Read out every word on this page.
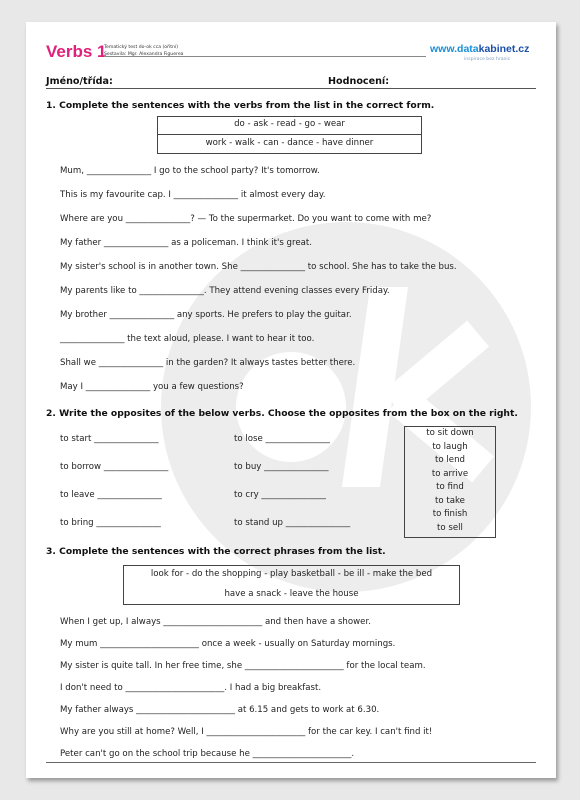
Verbs 1
Tematický test do-ok cca (ořitní)
Sestavila: Mgr. Alexandra Figuerea	www.datakabinet.cz
inspirace bez hranic
Jméno/třída:	Hodnocení:
1. Complete the sentences with the verbs from the list in the correct form.
do - ask - read - go - wear
work - walk - can - dance - have dinner
Mum, _______________ I go to the school party? It's tomorrow.
This is my favourite cap. I _______________ it almost every day.
Where are you _______________? — To the supermarket. Do you want to come with me?
My father _______________ as a policeman. I think it's great.
My sister's school is in another town. She _______________ to school. She has to take the bus.
My parents like to _______________. They attend evening classes every Friday.
My brother _______________ any sports. He prefers to play the guitar.
_______________ the text aloud, please. I want to hear it too.
Shall we _______________ in the garden? It always tastes better there.
May I _______________ you a few questions?
2. Write the opposites of the below verbs. Choose the opposites from the box on the right.
to start _______________
to borrow _______________
to leave _______________
to bring _______________
to lose _______________
to buy _______________
to cry _______________
to stand up _______________
to sit down
to laugh
to lend
to arrive
to find
to take
to finish
to sell
3. Complete the sentences with the correct phrases from the list.
look for - do the shopping - play basketball - be ill - make the bed
have a snack - leave the house
When I get up, I always _______________________ and then have a shower.
My mum _______________________ once a week - usually on Saturday mornings.
My sister is quite tall. In her free time, she _______________________ for the local team.
I don't need to _______________________. I had a big breakfast.
My father always _______________________ at 6.15 and gets to work at 6.30.
Why are you still at home? Well, I _______________________ for the car key. I can't find it!
Peter can't go on the school trip because he _______________________.
